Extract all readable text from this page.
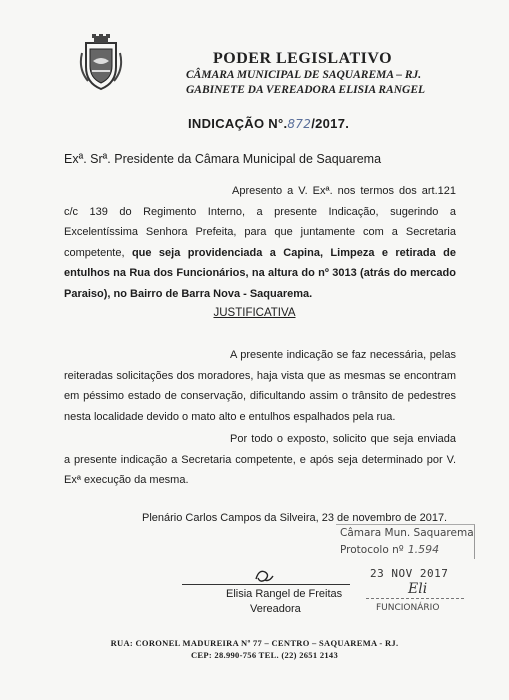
PODER LEGISLATIVO
CÂMARA MUNICIPAL DE SAQUAREMA – RJ.
GABINETE DA VEREADORA ELISIA RANGEL
INDICAÇÃO N°.872/2017.
Exª. Srª. Presidente da Câmara Municipal de Saquarema
Apresento a V. Exª. nos termos dos art.121 c/c 139 do Regimento Interno, a presente Indicação, sugerindo a Excelentíssima Senhora Prefeita, para que juntamente com a Secretaria competente, que seja providenciada a Capina, Limpeza e retirada de entulhos na Rua dos Funcionários, na altura do nº 3013 (atrás do mercado Paraiso), no Bairro de Barra Nova - Saquarema.
JUSTIFICATIVA
A presente indicação se faz necessária, pelas reiteradas solicitações dos moradores, haja vista que as mesmas se encontram em péssimo estado de conservação, dificultando assim o trânsito de pedestres nesta localidade devido o mato alto e entulhos espalhados pela rua.
Por todo o exposto, solicito que seja enviada a presente indicação a Secretaria competente, e após seja determinado por V. Exª execução da mesma.
Plenário Carlos Campos da Silveira, 23 de novembro de 2017.
Câmara Mun. Saquarema
Protocolo nº 1.594
23 NOV 2017
Eli
FUNCIONÁRIO
Elisia Rangel de Freitas
Vereadora
RUA: CORONEL MADUREIRA Nº 77 – CENTRO – SAQUAREMA - RJ.
CEP: 28.990-756 TEL. (22) 2651 2143
